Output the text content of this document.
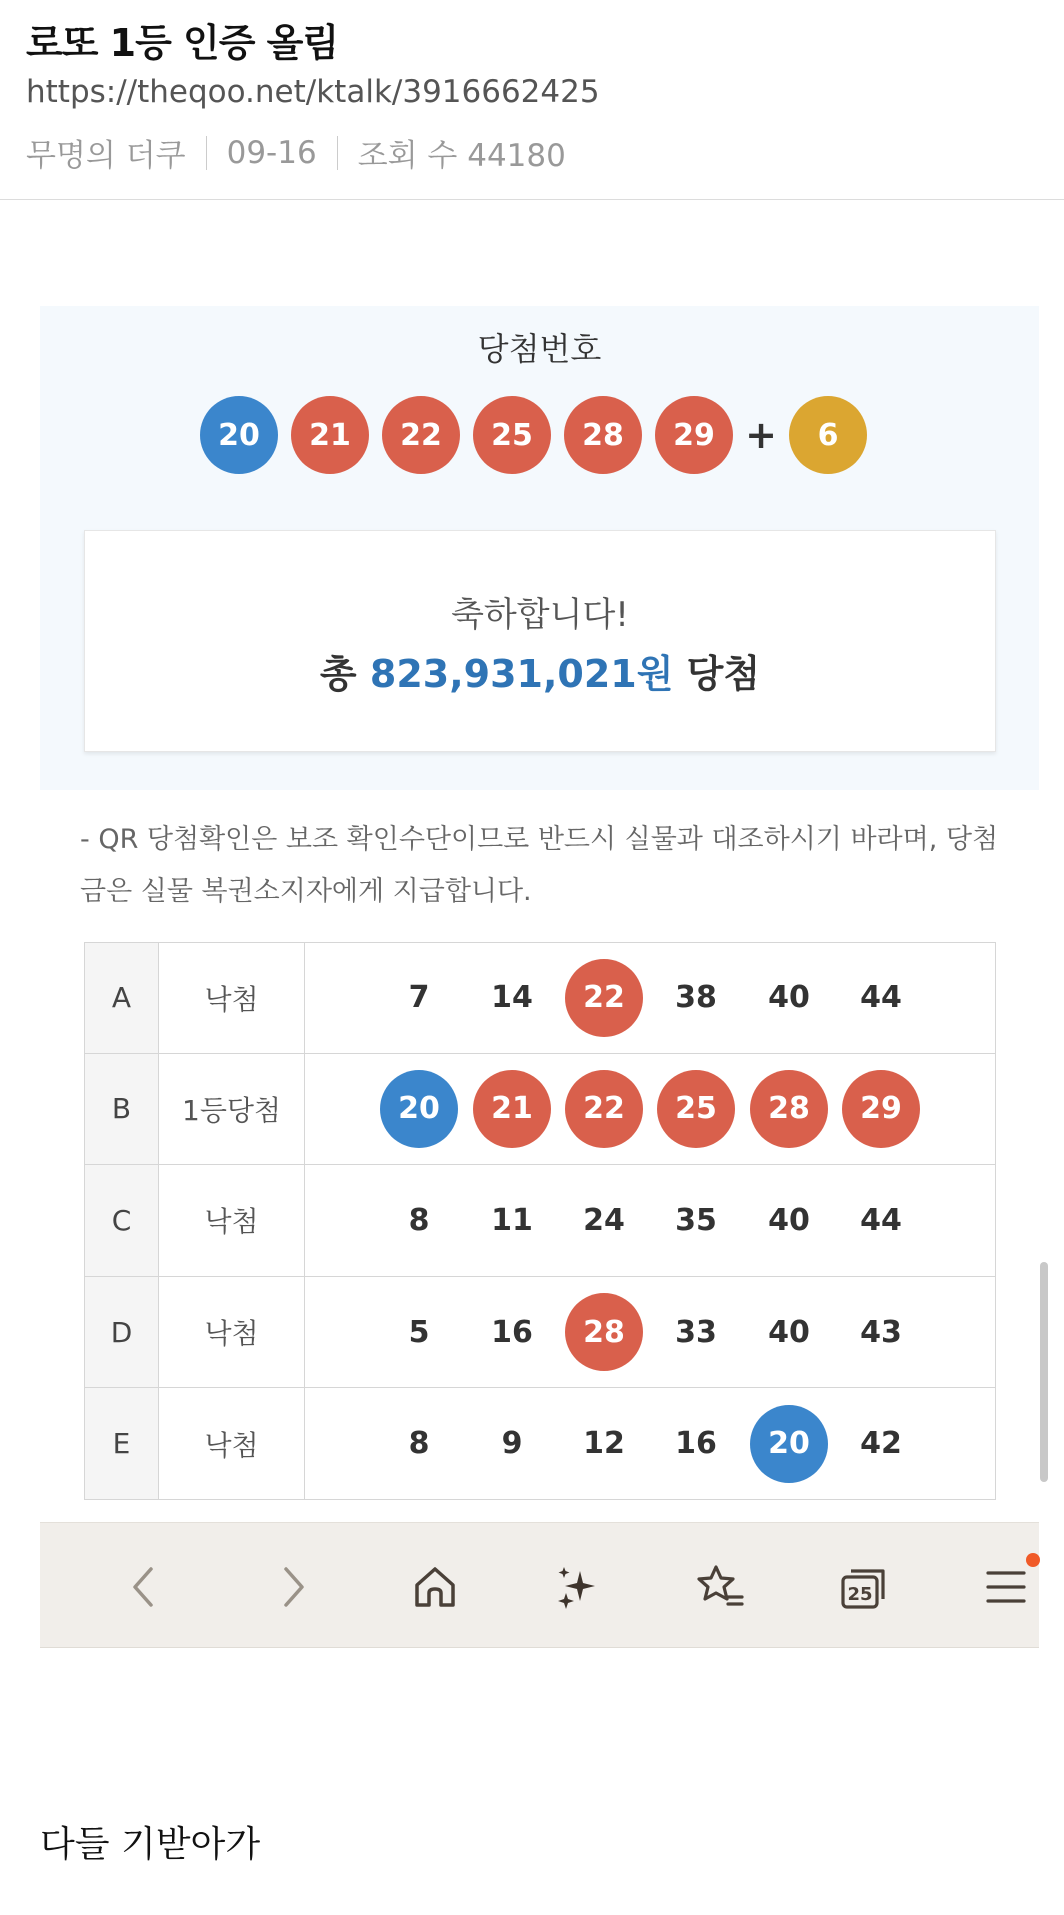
로또 1등 인증 올림
https://theqoo.net/ktalk/3916662425
무명의 더쿠 09-16 조회 수 44180
당첨번호
20	21	22	25	28	29 +	6
축하합니다!
총 823,931,021원 당첨
- QR 당첨확인은 보조 확인수단이므로 반드시 실물과 대조하시기 바라며, 당첨금은 실물 복권소지자에게 지급합니다.
A	낙첨	7	14	22	38	40	44
B	1등당첨	20	21	22	25	28	29
C	낙첨	8	11	24	35	40	44
D	낙첨	5	16	28	33	40	43
E	낙첨	8	9	12	16	20	42
25
다들 기받아가
